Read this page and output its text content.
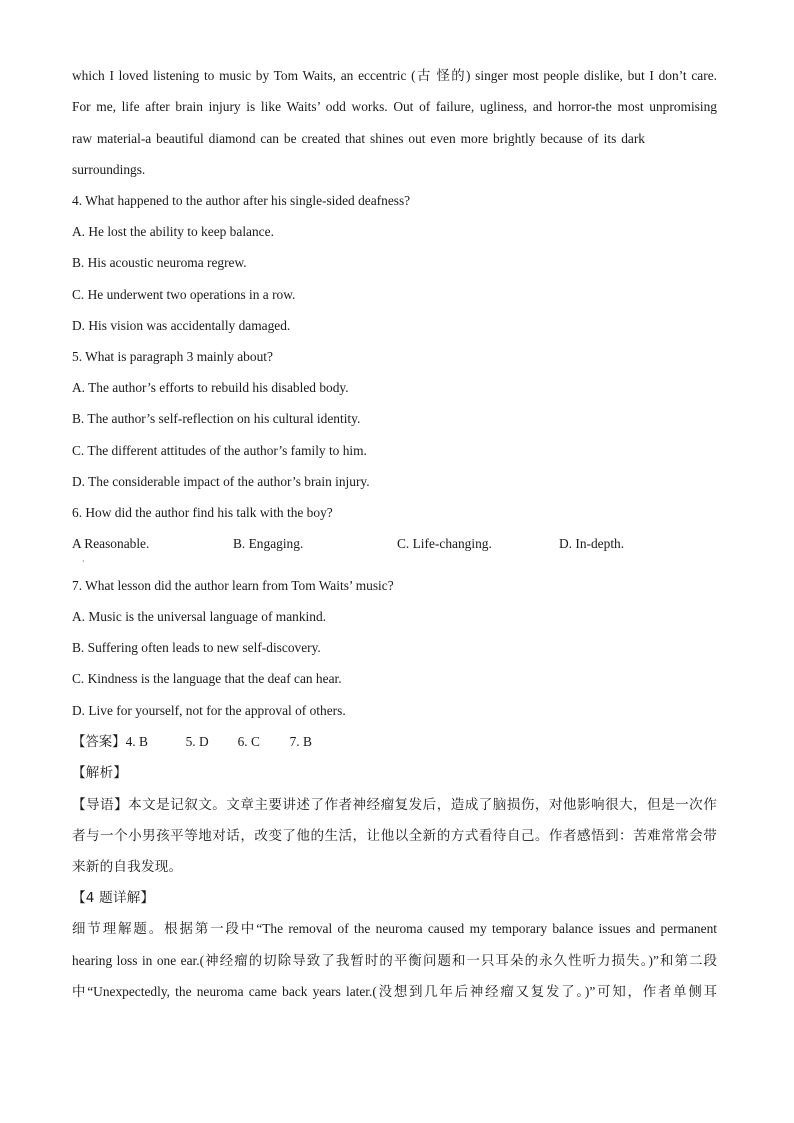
which I loved listening to music by Tom Waits, an eccentric (古 怪的) singer most people dislike, but I don’t care.
For me, life after brain injury is like Waits’ odd works. Out of failure, ugliness, and horror-the most unpromising
raw material-a beautiful diamond can be created that shines out even more brightly because of its dark
surroundings.
4. What happened to the author after his single-sided deafness?
A. He lost the ability to keep balance.
B. His acoustic neuroma regrew.
C. He underwent two operations in a row.
D. His vision was accidentally damaged.
5. What is paragraph 3 mainly about?
A. The author’s efforts to rebuild his disabled body.
B. The author’s self-reflection on his cultural identity.
C. The different attitudes of the author’s family to him.
D. The considerable impact of the author’s brain injury.
6. How did the author find his talk with the boy?
A Reasonable.	B. Engaging.	C. Life-changing.	D. In-depth.
·
7. What lesson did the author learn from Tom Waits’ music?
A. Music is the universal language of mankind.
B. Suffering often leads to new self-discovery.
C. Kindness is the language that the deaf can hear.
D. Live for yourself, not for the approval of others.
【答案】4. B	5. D 6. C 7. B
【解析】
【导语】本文是记叙文。文章主要讲述了作者神经瘤复发后，造成了脑损伤，对他影响很大，但是一次作
者与一个小男孩平等地对话，改变了他的生活，让他以全新的方式看待自己。作者感悟到：苦难常常会带
来新的自我发现。
【4 题详解】
细节理解题。根据第一段中“The removal of the neuroma caused my temporary balance issues and permanent
hearing loss in one ear.(神经瘤的切除导致了我暂时的平衡问题和一只耳朵的永久性听力损失。)”和第二段
中“Unexpectedly, the neuroma came back years later.(没想到几年后神经瘤又复发了。)”可知，作者单侧耳
